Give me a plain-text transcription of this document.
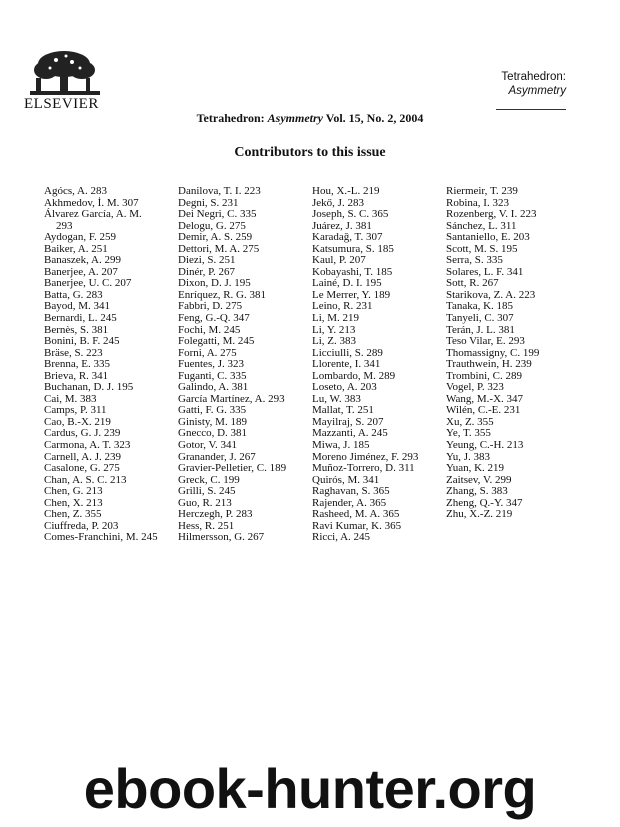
ELSEVIER
Tetrahedron:
Asymmetry
Tetrahedron: Asymmetry Vol. 15, No. 2, 2004
Contributors to this issue
Agócs, A. 283
Akhmedov, İ. M. 307
Álvarez García, A. M.
293
Aydogan, F. 259
Baiker, A. 251
Banaszek, A. 299
Banerjee, A. 207
Banerjee, U. C. 207
Batta, G. 283
Bayod, M. 341
Bernardi, L. 245
Bernès, S. 381
Bonini, B. F. 245
Bräse, S. 223
Brenna, E. 335
Brieva, R. 341
Buchanan, D. J. 195
Cai, M. 383
Camps, P. 311
Cao, B.-X. 219
Cardus, G. J. 239
Carmona, A. T. 323
Carnell, A. J. 239
Casalone, G. 275
Chan, A. S. C. 213
Chen, G. 213
Chen, X. 213
Chen, Z. 355
Ciuffreda, P. 203
Comes-Franchini, M. 245
Danilova, T. I. 223
Degni, S. 231
Dei Negri, C. 335
Delogu, G. 275
Demir, A. S. 259
Dettori, M. A. 275
Diezi, S. 251
Dinér, P. 267
Dixon, D. J. 195
Enríquez, R. G. 381
Fabbri, D. 275
Feng, G.-Q. 347
Fochi, M. 245
Folegatti, M. 245
Forni, A. 275
Fuentes, J. 323
Fuganti, C. 335
Galindo, A. 381
García Martínez, A. 293
Gatti, F. G. 335
Ginisty, M. 189
Gnecco, D. 381
Gotor, V. 341
Granander, J. 267
Gravier-Pelletier, C. 189
Greck, C. 199
Grilli, S. 245
Guo, R. 213
Herczegh, P. 283
Hess, R. 251
Hilmersson, G. 267
Hou, X.-L. 219
Jekő, J. 283
Joseph, S. C. 365
Juárez, J. 381
Karadağ, T. 307
Katsumura, S. 185
Kaul, P. 207
Kobayashi, T. 185
Lainé, D. I. 195
Le Merrer, Y. 189
Leino, R. 231
Li, M. 219
Li, Y. 213
Li, Z. 383
Licciulli, S. 289
Llorente, I. 341
Lombardo, M. 289
Loseto, A. 203
Lu, W. 383
Mallat, T. 251
Mayilraj, S. 207
Mazzanti, A. 245
Miwa, J. 185
Moreno Jiménez, F. 293
Muñoz-Torrero, D. 311
Quirós, M. 341
Raghavan, S. 365
Rajender, A. 365
Rasheed, M. A. 365
Ravi Kumar, K. 365
Ricci, A. 245
Riermeir, T. 239
Robina, I. 323
Rozenberg, V. I. 223
Sánchez, L. 311
Santaniello, E. 203
Scott, M. S. 195
Serra, S. 335
Solares, L. F. 341
Sott, R. 267
Starikova, Z. A. 223
Tanaka, K. 185
Tanyeli, C. 307
Terán, J. L. 381
Teso Vilar, E. 293
Thomassigny, C. 199
Trauthwein, H. 239
Trombini, C. 289
Vogel, P. 323
Wang, M.-X. 347
Wilén, C.-E. 231
Xu, Z. 355
Ye, T. 355
Yeung, C.-H. 213
Yu, J. 383
Yuan, K. 219
Zaitsev, V. 299
Zhang, S. 383
Zheng, Q.-Y. 347
Zhu, X.-Z. 219
ebook-hunter.org
